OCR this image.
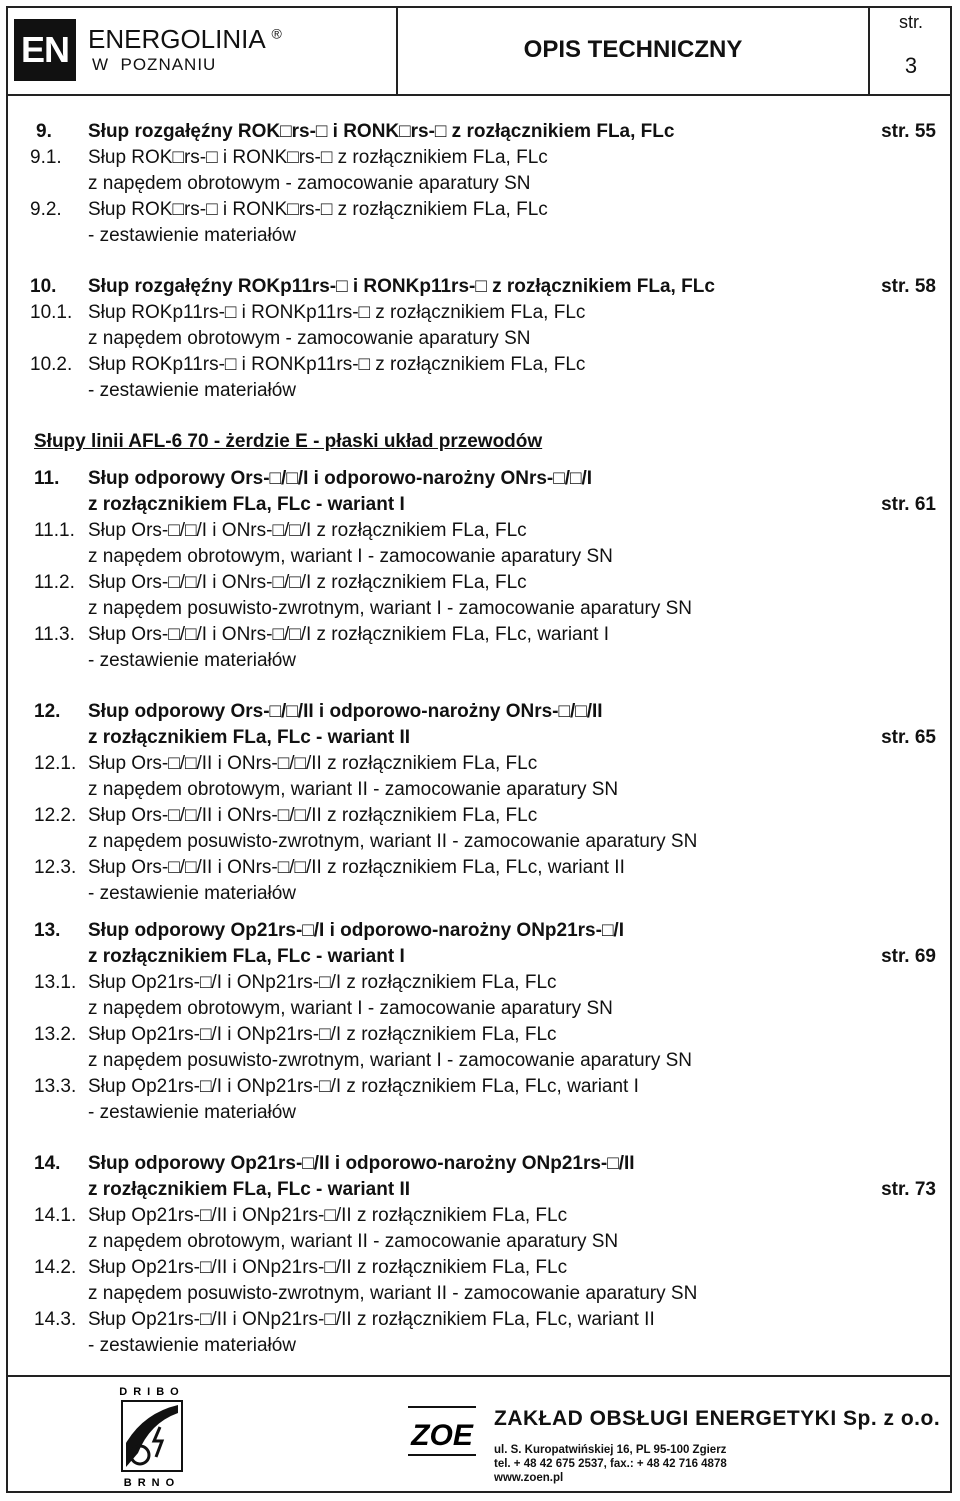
EN ENERGOLINIA ®
W  POZNANIU
OPIS TECHNICZNY
str.
3
9. Słup rozgałęźny ROK□rs-□ i RONK□rs-□ z rozłącznikiem FLa, FLc	str. 55
9.1. Słup ROK□rs-□ i RONK□rs-□ z rozłącznikiem FLa, FLc
z napędem obrotowym - zamocowanie aparatury SN
9.2. Słup ROK□rs-□ i RONK□rs-□ z rozłącznikiem FLa, FLc
- zestawienie materiałów
10. Słup rozgałęźny ROKp11rs-□ i RONKp11rs-□ z rozłącznikiem FLa, FLc	str. 58
10.1. Słup ROKp11rs-□ i RONKp11rs-□ z rozłącznikiem FLa, FLc
z napędem obrotowym - zamocowanie aparatury SN
10.2. Słup ROKp11rs-□ i RONKp11rs-□ z rozłącznikiem FLa, FLc
- zestawienie materiałów
Słupy linii AFL-6 70 - żerdzie E - płaski układ przewodów
11. Słup odporowy Ors-□/□/I i odporowo-narożny ONrs-□/□/I
z rozłącznikiem FLa, FLc - wariant I	str. 61
11.1. Słup Ors-□/□/I i ONrs-□/□/I z rozłącznikiem FLa, FLc
z napędem obrotowym, wariant I - zamocowanie aparatury SN
11.2. Słup Ors-□/□/I i ONrs-□/□/I z rozłącznikiem FLa, FLc
z napędem posuwisto-zwrotnym, wariant I - zamocowanie aparatury SN
11.3. Słup Ors-□/□/I i ONrs-□/□/I z rozłącznikiem FLa, FLc, wariant I
- zestawienie materiałów
12. Słup odporowy Ors-□/□/II i odporowo-narożny ONrs-□/□/II
z rozłącznikiem FLa, FLc - wariant II	str. 65
12.1. Słup Ors-□/□/II i ONrs-□/□/II z rozłącznikiem FLa, FLc
z napędem obrotowym, wariant II - zamocowanie aparatury SN
12.2. Słup Ors-□/□/II i ONrs-□/□/II z rozłącznikiem FLa, FLc
z napędem posuwisto-zwrotnym, wariant II - zamocowanie aparatury SN
12.3. Słup Ors-□/□/II i ONrs-□/□/II z rozłącznikiem FLa, FLc, wariant II
- zestawienie materiałów
13. Słup odporowy Op21rs-□/I i odporowo-narożny ONp21rs-□/I
z rozłącznikiem FLa, FLc - wariant I	str. 69
13.1. Słup Op21rs-□/I i ONp21rs-□/I z rozłącznikiem FLa, FLc
z napędem obrotowym, wariant I - zamocowanie aparatury SN
13.2. Słup Op21rs-□/I i ONp21rs-□/I z rozłącznikiem FLa, FLc
z napędem posuwisto-zwrotnym, wariant I - zamocowanie aparatury SN
13.3. Słup Op21rs-□/I i ONp21rs-□/I z rozłącznikiem FLa, FLc, wariant I
- zestawienie materiałów
14. Słup odporowy Op21rs-□/II i odporowo-narożny ONp21rs-□/II
z rozłącznikiem FLa, FLc - wariant II	str. 73
14.1. Słup Op21rs-□/II i ONp21rs-□/II z rozłącznikiem FLa, FLc
z napędem obrotowym, wariant II - zamocowanie aparatury SN
14.2. Słup Op21rs-□/II i ONp21rs-□/II z rozłącznikiem FLa, FLc
z napędem posuwisto-zwrotnym, wariant II - zamocowanie aparatury SN
14.3. Słup Op21rs-□/II i ONp21rs-□/II z rozłącznikiem FLa, FLc, wariant II
- zestawienie materiałów
DRIBO
BRNO
ZOE
ZAKŁAD OBSŁUGI ENERGETYKI Sp. z o.o.
ul. S. Kuropatwińskiej 16, PL 95-100 Zgierz
tel. + 48 42 675 2537, fax.: + 48 42 716 4878
www.zoen.pl
